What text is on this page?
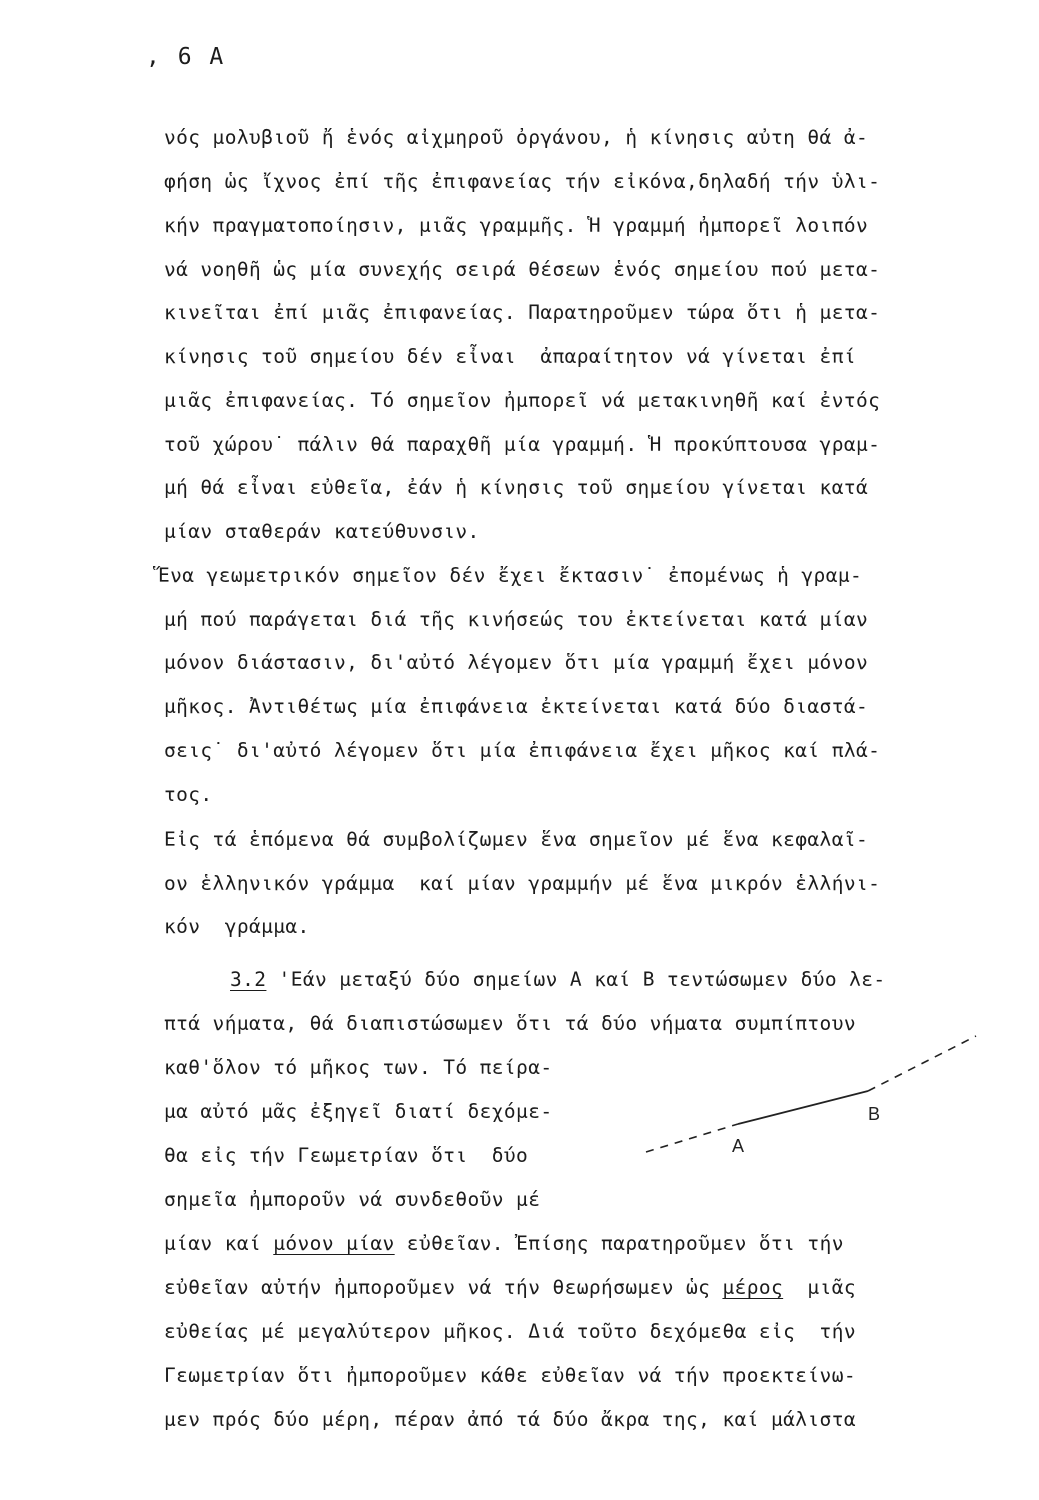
, 6 A
νός μολυβιοῦ ἤ ἑνός αἰχμηροῦ ὀργάνου, ἡ κίνησις αὐτη θά ἀ-
φήση ὡς ἴχνος ἐπί τῆς ἐπιφανείας τήν εἰκόνα,δηλαδή τήν ὑλι-
κήν πραγματοποίησιν, μιᾶς γραμμῆς. Ἡ γραμμή ἠμπορεῖ λοιπόν
νά νοηθῆ ὡς μία συνεχής σειρά θέσεων ἑνός σημείου πού μετα-
κινεῖται ἐπί μιᾶς ἐπιφανείας. Παρατηροῦμεν τώρα ὅτι ἡ μετα-
κίνησις τοῦ σημείου δέν εἶναι  ἀπαραίτητον νά γίνεται ἐπί
μιᾶς ἐπιφανείας. Τό σημεῖον ἠμπορεῖ νά μετακινηθῆ καί ἐντός
τοῦ χώρου˙ πάλιν θά παραχθῆ μία γραμμή. Ἡ προκύπτουσα γραμ-
μή θά εἶναι εὐθεῖα, ἐάν ἡ κίνησις τοῦ σημείου γίνεται κατά
μίαν σταθεράν κατεύθυνσιν.
Ἕνα γεωμετρικόν σημεῖον δέν ἔχει ἔκτασιν˙ ἐπομένως ἡ γραμ-
μή πού παράγεται διά τῆς κινήσεώς του ἐκτείνεται κατά μίαν
μόνον διάστασιν, δι'αὐτό λέγομεν ὅτι μία γραμμή ἔχει μόνον
μῆκος. Ἀντιθέτως μία ἐπιφάνεια ἐκτείνεται κατά δύο διαστά-
σεις˙ δι'αὐτό λέγομεν ὅτι μία ἐπιφάνεια ἔχει μῆκος καί πλά-
τος.
Εἰς τά ἑπόμενα θά συμβολίζωμεν ἕνα σημεῖον μέ ἕνα κεφαλαῖ-
ον ἑλληνικόν γράμμα  καί μίαν γραμμήν μέ ἕνα μικρόν ἑλλήνι-
κόν  γράμμα.
3.2 'Εάν μεταξύ δύο σημείων Α καί Β τεντώσωμεν δύο λε-
πτά νήματα, θά διαπιστώσωμεν ὅτι τά δύο νήματα συμπίπτουν
καθ'ὅλον τό μῆκος των. Τό πείρα-
μα αὐτό μᾶς ἐξηγεῖ διατί δεχόμε-
θα εἰς τήν Γεωμετρίαν ὅτι  δύο
σημεῖα ἠμποροῦν νά συνδεθοῦν μέ
μίαν καί μόνον μίαν εὐθεῖαν. Ἐπίσης παρατηροῦμεν ὅτι τήν
εὐθεῖαν αὐτήν ἠμποροῦμεν νά τήν θεωρήσωμεν ὡς μέρος  μιᾶς
εὐθείας μέ μεγαλύτερον μῆκος. Διά τοῦτο δεχόμεθα εἰς  τήν
Γεωμετρίαν ὅτι ἠμποροῦμεν κάθε εὐθεῖαν νά τήν προεκτείνω-
μεν πρός δύο μέρη, πέραν ἀπό τά δύο ἄκρα της, καί μάλιστα
A
B
